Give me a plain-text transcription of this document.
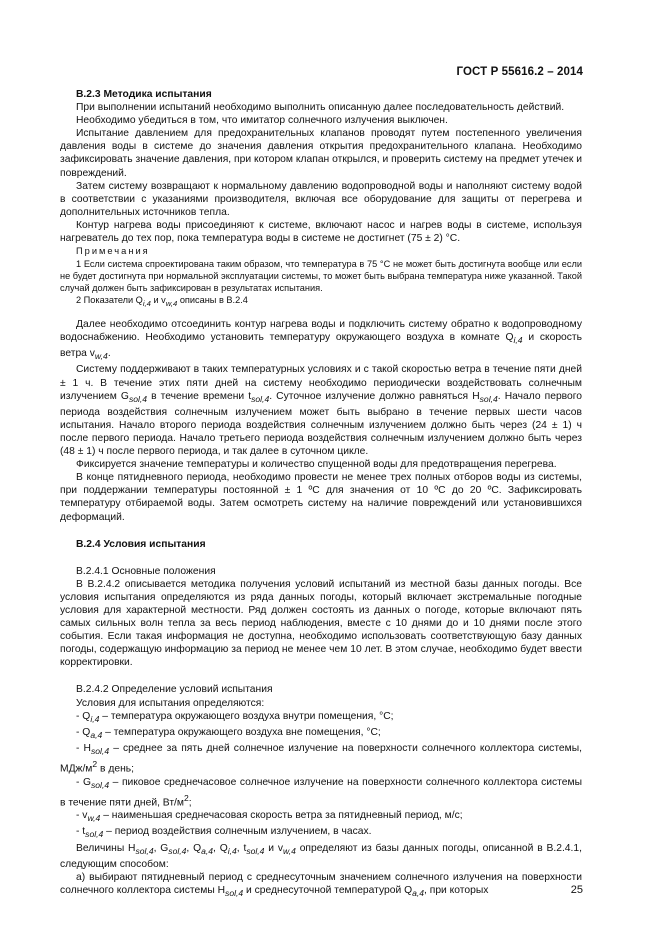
ГОСТ Р 55616.2 – 2014

В.2.3 Методика испытания

При выполнении испытаний необходимо выполнить описанную далее последовательность действий.

Необходимо убедиться в том, что имитатор солнечного излучения выключен.

Испытание давлением для предохранительных клапанов проводят путем постепенного увеличения давления воды в системе до значения давления открытия предохранительного клапана. Необходимо зафиксировать значение давления, при котором клапан открылся, и проверить систему на предмет утечек и повреждений.

Затем систему возвращают к нормальному давлению водопроводной воды и наполняют систему водой в соответствии с указаниями производителя, включая все оборудование для защиты от перегрева и дополнительных источников тепла.

Контур нагрева воды присоединяют к системе, включают насос и нагрев воды в системе, используя нагреватель до тех пор, пока температура воды в системе не достигнет (75 ± 2) °C.

Примечания

1 Если система спроектирована таким образом, что температура в 75 °C не может быть достигнута вообще или если не будет достигнута при нормальной эксплуатации системы, то может быть выбрана температура ниже указанной. Такой случай должен быть зафиксирован в результатах испытания.

2 Показатели $Q_{i,4}$ и $v_{w,4}$ описаны в В.2.4

Далее необходимо отсоединить контур нагрева воды и подключить систему обратно к водопроводному водоснабжению. Необходимо установить температуру окружающего воздуха в комнате $Q_{i,4}$ и скорость ветра $v_{w,4}$.

Систему поддерживают в таких температурных условиях и с такой скоростью ветра в течение пяти дней ± 1 ч. В течение этих пяти дней на систему необходимо периодически воздействовать солнечным излучением $G_{sol,4}$ в течение времени $t_{sol,4}$. Суточное излучение должно равняться $H_{sol,4}$. Начало первого периода воздействия солнечным излучением может быть выбрано в течение первых шести часов испытания. Начало второго периода воздействия солнечным излучением должно быть через (24 ± 1) ч после первого периода. Начало третьего периода воздействия солнечным излучением должно быть через (48 ± 1) ч после первого периода, и так далее в суточном цикле.

Фиксируется значение температуры и количество спущенной воды для предотвращения перегрева.

В конце пятидневного периода, необходимо провести не менее трех полных отборов воды из системы, при поддержании температуры постоянной ± 1 ºC для значения от 10 ºC до 20 ºC. Зафиксировать температуру отбираемой воды. Затем осмотреть систему на наличие повреждений или установившихся деформаций.

В.2.4 Условия испытания

В.2.4.1 Основные положения

В В.2.4.2 описывается методика получения условий испытаний из местной базы данных погоды. Все условия испытания определяются из ряда данных погоды, который включает экстремальные погодные условия для характерной местности. Ряд должен состоять из данных о погоде, которые включают пять самых сильных волн тепла за весь период наблюдения, вместе с 10 днями до и 10 днями после этого события. Если такая информация не доступна, необходимо использовать соответствующую базу данных погоды, содержащую информацию за период не менее чем 10 лет. В этом случае, необходимо будет ввести корректировки.

В.2.4.2 Определение условий испытания

Условия для испытания определяются:

- $Q_{i,4}$ – температура окружающего воздуха внутри помещения, °C;

- $Q_{a,4}$ – температура окружающего воздуха вне помещения, °C;

- $H_{sol,4}$ – среднее за пять дней солнечное излучение на поверхности солнечного коллектора системы, МДж/$м^2$ в день;

- $G_{sol,4}$ – пиковое среднечасовое солнечное излучение на поверхности солнечного коллектора системы в течение пяти дней, $Вт/м^2$;

- $v_{w,4}$ – наименьшая среднечасовая скорость ветра за пятидневный период, м/с;

- $t_{sol,4}$ – период воздействия солнечным излучением, в часах.

Величины $H_{sol,4}$, $G_{sol,4}$, $Q_{a,4}$, $Q_{i,4}$, $t_{sol,4}$ и $v_{w,4}$ определяют из базы данных погоды, описанной в В.2.4.1, следующим способом:

а) выбирают пятидневный период с среднесуточным значением солнечного излучения на поверхности солнечного коллектора системы $H_{sol,4}$ и среднесуточной температурой $Q_{a,4}$, при которых	25
